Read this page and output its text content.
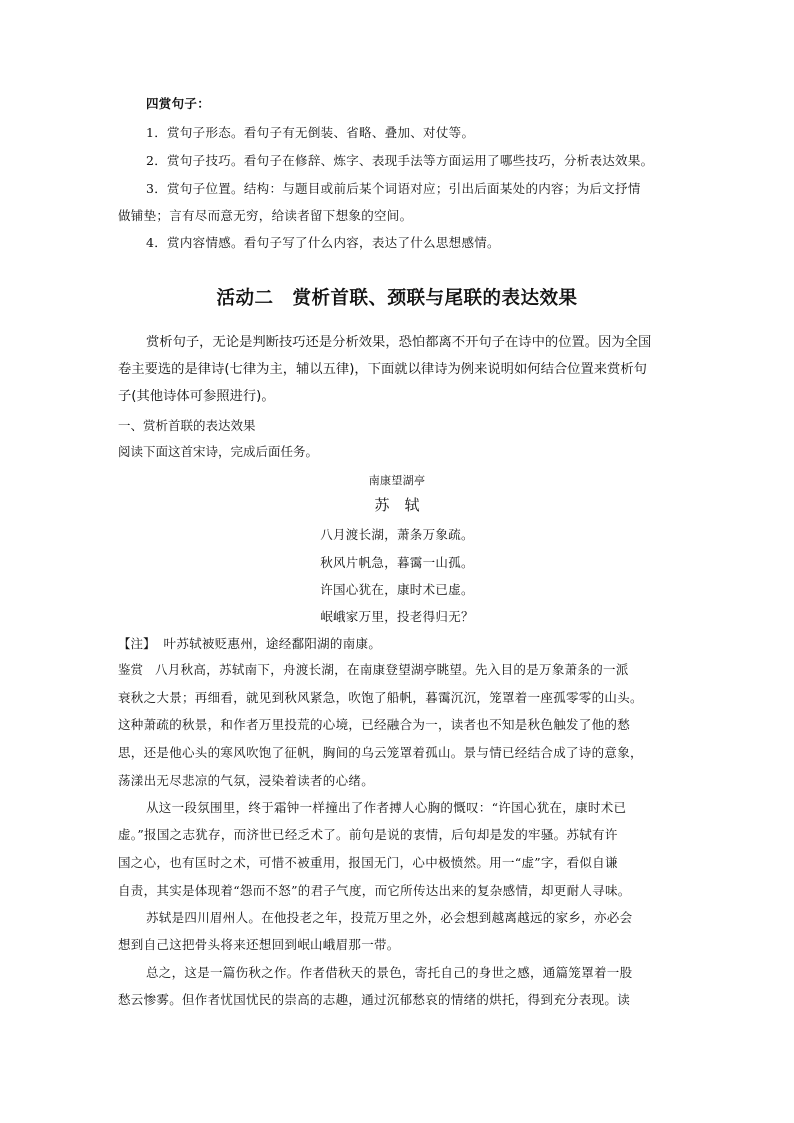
四赏句子：
1．赏句子形态。看句子有无倒装、省略、叠加、对仗等。
2．赏句子技巧。看句子在修辞、炼字、表现手法等方面运用了哪些技巧，分析表达效果。
3．赏句子位置。结构：与题目或前后某个词语对应；引出后面某处的内容；为后文抒情
做铺垫；言有尽而意无穷，给读者留下想象的空间。
4．赏内容情感。看句子写了什么内容，表达了什么思想感情。
活动二　赏析首联、颈联与尾联的表达效果
赏析句子，无论是判断技巧还是分析效果，恐怕都离不开句子在诗中的位置。因为全国
卷主要选的是律诗(七律为主，辅以五律)，下面就以律诗为例来说明如何结合位置来赏析句
子(其他诗体可参照进行)。
一、赏析首联的表达效果
阅读下面这首宋诗，完成后面任务。
南康望湖亭
苏　轼
八月渡长湖，萧条万象疏。
秋风片帆急，暮霭一山孤。
许国心犹在，康时术已虚。
岷峨家万里，投老得归无？
【注】 叶苏轼被贬惠州，途经鄱阳湖的南康。
鉴赏 八月秋高，苏轼南下，舟渡长湖，在南康登望湖亭眺望。先入目的是万象萧条的一派
衰秋之大景；再细看，就见到秋风紧急，吹饱了船帆，暮霭沉沉，笼罩着一座孤零零的山头。
这种萧疏的秋景，和作者万里投荒的心境，已经融合为一，读者也不知是秋色触发了他的愁
思，还是他心头的寒风吹饱了征帆，胸间的乌云笼罩着孤山。景与情已经结合成了诗的意象，
荡漾出无尽悲凉的气氛，浸染着读者的心绪。
从这一段氛围里，终于霜钟一样撞出了作者搏人心胸的慨叹：“许国心犹在，康时术已
虚。”报国之志犹存，而济世已经乏术了。前句是说的衷情，后句却是发的牢骚。苏轼有许
国之心，也有匡时之术，可惜不被重用，报国无门，心中极愤然。用一“虚”字，看似自谦
自责，其实是体现着“怨而不怒”的君子气度，而它所传达出来的复杂感情，却更耐人寻味。
苏轼是四川眉州人。在他投老之年，投荒万里之外，必会想到越离越远的家乡，亦必会
想到自己这把骨头将来还想回到岷山峨眉那一带。
总之，这是一篇伤秋之作。作者借秋天的景色，寄托自己的身世之感，通篇笼罩着一股
愁云惨雾。但作者忧国忧民的崇高的志趣，通过沉郁愁哀的情绪的烘托，得到充分表现。读
